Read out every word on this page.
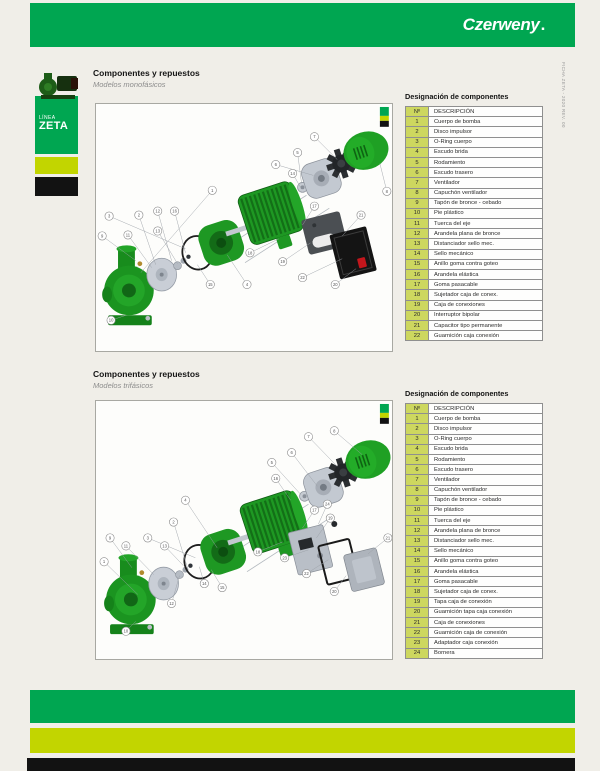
Czerweny.
LÍNEA
ZETA	FICHA ZETA - 2020 REV. 00
Componentes y repuestos
Modelos monofásicos
1
2
3
4
5
6
7
8
9
10
11
12
13
14
15
16
17
18
19
20
21
22
Designación de componentes
Nº	DESCRIPCIÓN
1	Cuerpo de bomba
2	Disco impulsor
3	O-Ring cuerpo
4	Escudo brida
5	Rodamiento
6	Escudo trasero
7	Ventilador
8	Capuchón ventilador
9	Tapón de bronce - cebado
10	Pie plástico
11	Tuerca del eje
12	Arandela plana de bronce
13	Distanciador sello mec.
14	Sello mecánico
15	Anillo goma contra goteo
16	Arandela elástica
17	Goma pasacable
18	Sujetador caja de conex.
19	Caja de conexiones
20	Interruptor bipolar
21	Capacitor tipo permanente
22	Guarnición caja conexión
Componentes y repuestos
Modelos trifásicos
1
2
3
4
5
6
7
8
9
10
11
12
13
14
15
16
17
18
19
20
21
22
23
24
Designación de componentes
Nº	DESCRIPCIÓN
1	Cuerpo de bomba
2	Disco impulsor
3	O-Ring cuerpo
4	Escudo brida
5	Rodamiento
6	Escudo trasero
7	Ventilador
8	Capuchón ventilador
9	Tapón de bronce - cebado
10	Pie plástico
11	Tuerca del eje
12	Arandela plana de bronce
13	Distanciador sello mec.
14	Sello mecánico
15	Anillo goma contra goteo
16	Arandela elástica
17	Goma pasacable
18	Sujetador caja de conex.
19	Tapa caja de conexión
20	Guarnición tapa caja conexión
21	Caja de conexiones
22	Guarnición caja de conexión
23	Adaptador caja conexión
24	Bornera
